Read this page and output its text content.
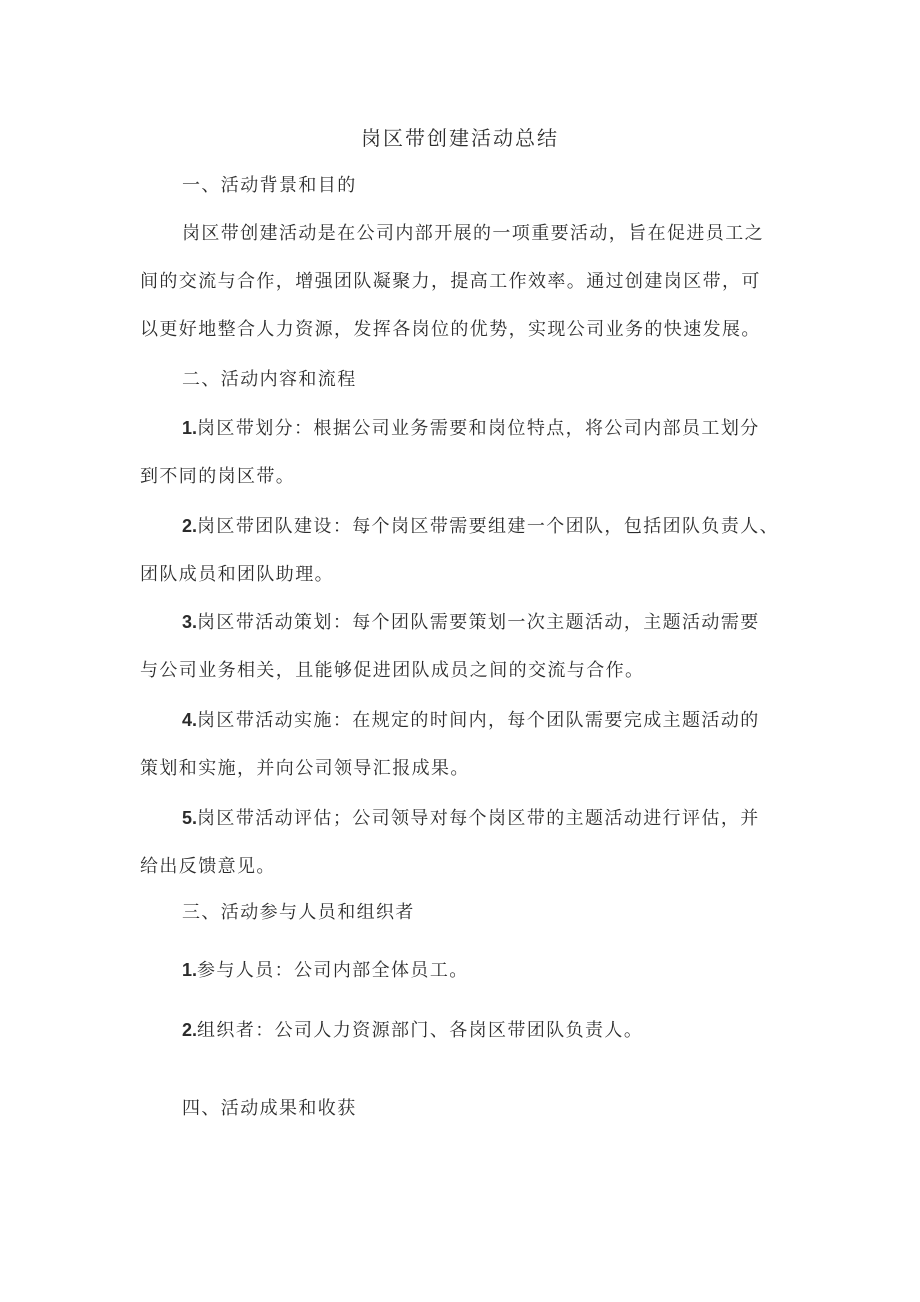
岗区带创建活动总结

一、活动背景和目的

岗区带创建活动是在公司内部开展的一项重要活动，旨在促进员工之
间的交流与合作，增强团队凝聚力，提高工作效率。通过创建岗区带，可
以更好地整合人力资源，发挥各岗位的优势，实现公司业务的快速发展。

二、活动内容和流程

1.岗区带划分：根据公司业务需要和岗位特点，将公司内部员工划分
到不同的岗区带。

2.岗区带团队建设：每个岗区带需要组建一个团队，包括团队负责人、
团队成员和团队助理。

3.岗区带活动策划：每个团队需要策划一次主题活动，主题活动需要
与公司业务相关，且能够促进团队成员之间的交流与合作。

4.岗区带活动实施：在规定的时间内，每个团队需要完成主题活动的
策划和实施，并向公司领导汇报成果。

5.岗区带活动评估；公司领导对每个岗区带的主题活动进行评估，并
给出反馈意见。

三、活动参与人员和组织者

1.参与人员：公司内部全体员工。

2.组织者：公司人力资源部门、各岗区带团队负责人。

四、活动成果和收获
